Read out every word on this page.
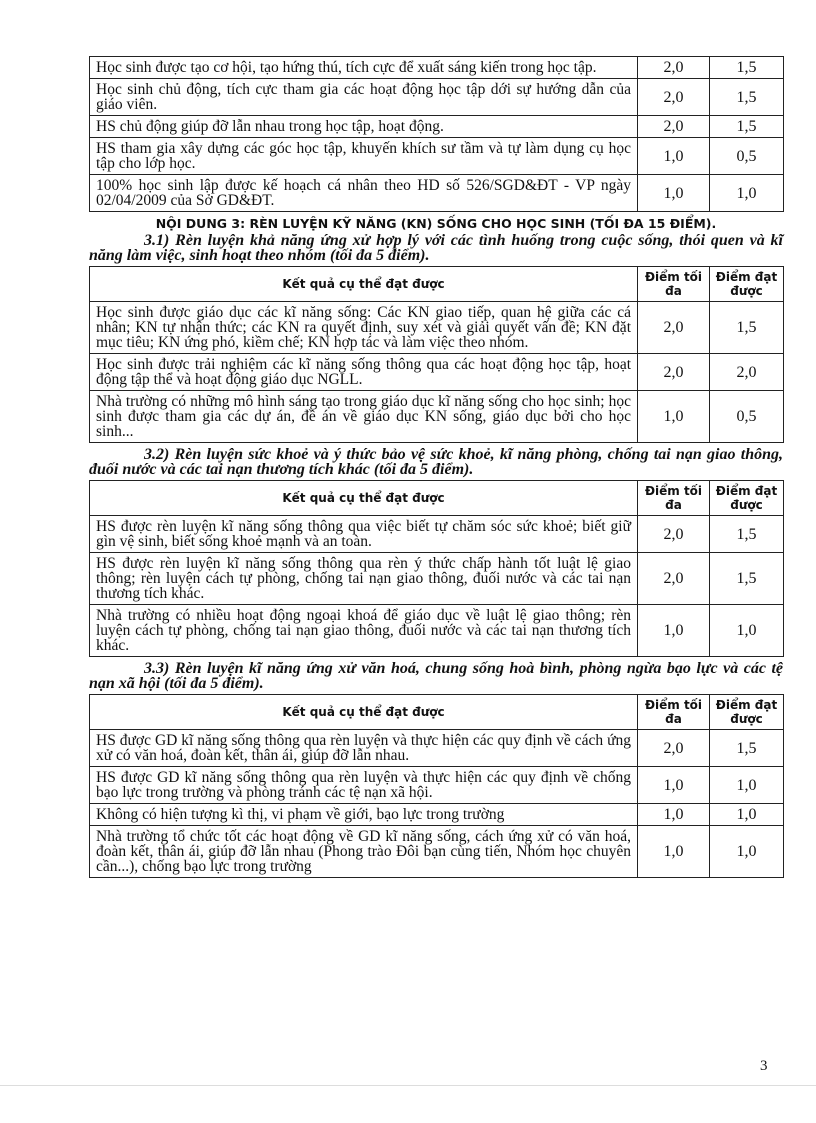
Học sinh được tạo cơ hội, tạo hứng thú, tích cực để xuất sáng kiến trong học tập.	2,0	1,5
Học sinh chủ động, tích cực tham gia các hoạt động học tập dới sự hướng dẫn của giáo viên.	2,0	1,5
HS chủ động giúp đỡ lẫn nhau trong học tập, hoạt động.	2,0	1,5
HS tham gia xây dựng các góc học tập, khuyến khích sư tầm và tự làm dụng cụ học tập cho lớp học.	1,0	0,5
100% học sinh lập được kế hoạch cá nhân theo HD số 526/SGD&ĐT - VP ngày 02/04/2009 của Sở GD&ĐT.	1,0	1,0
NỘI DUNG 3: RÈN LUYỆN KỸ NĂNG (KN) SỐNG CHO HỌC SINH (TỐI ĐA 15 ĐIỂM).

3.1) Rèn luyện khả năng ứng xử hợp lý với các tình huống trong cuộc sống, thói quen và kĩ năng làm việc, sinh hoạt theo nhóm (tối đa 5 điểm).

Kết quả cụ thể đạt được	Điểm tối đa	Điểm đạt được
Học sinh được giáo dục các kĩ năng sống: Các KN giao tiếp, quan hệ giữa các cá nhân; KN tự nhận thức; các KN ra quyết định, suy xét và giải quyết vấn đề; KN đặt mục tiêu; KN ứng phó, kiềm chế; KN hợp tác và làm việc theo nhóm.	2,0	1,5
Học sinh được trải nghiệm các kĩ năng sống thông qua các hoạt động học tập, hoạt động tập thể và hoạt động giáo dục NGLL.	2,0	2,0
Nhà trường có những mô hình sáng tạo trong giáo dục kĩ năng sống cho học sinh; học sinh được tham gia các dự án, đề án về giáo dục KN sống, giáo dục bởi cho học sinh...	1,0	0,5

3.2) Rèn luyện sức khoẻ và ý thức bảo vệ sức khoẻ, kĩ năng phòng, chống tai nạn giao thông, đuối nước và các tai nạn thương tích khác (tối đa 5 điểm).

Kết quả cụ thể đạt được	Điểm tối đa	Điểm đạt được
HS được rèn luyện kĩ năng sống thông qua việc biết tự chăm sóc sức khoẻ; biết giữ gìn vệ sinh, biết sống khoẻ mạnh và an toàn.	2,0	1,5
HS được rèn luyện kĩ năng sống thông qua rèn ý thức chấp hành tốt luật lệ giao thông; rèn luyện cách tự phòng, chống tai nạn giao thông, đuối nước và các tai nạn thương tích khác.	2,0	1,5
Nhà trường có nhiều hoạt động ngoại khoá để giáo dục về luật lệ giao thông; rèn luyện cách tự phòng, chống tai nạn giao thông, đuối nước và các tai nạn thương tích khác.	1,0	1,0

3.3) Rèn luyện kĩ năng ứng xử văn hoá, chung sống hoà bình, phòng ngừa bạo lực và các tệ nạn xã hội (tối đa 5 điểm).

Kết quả cụ thể đạt được	Điểm tối đa	Điểm đạt được
HS được GD kĩ năng sống thông qua rèn luyện và thực hiện các quy định về cách ứng xử có văn hoá, đoàn kết, thân ái, giúp đỡ lẫn nhau.	2,0	1,5
HS được GD kĩ năng sống thông qua rèn luyện và thực hiện các quy định về chống bạo lực trong trường và phòng tránh các tệ nạn xã hội.	1,0	1,0
Không có hiện tượng kì thị, vi phạm về giới, bạo lực trong trường	1,0	1,0
Nhà trường tổ chức tốt các hoạt động về GD kĩ năng sống, cách ứng xử có văn hoá, đoàn kết, thân ái, giúp đỡ lẫn nhau (Phong trào Đôi bạn cùng tiến, Nhóm học chuyên cần...), chống bạo lực trong trường	1,0	1,0
3
